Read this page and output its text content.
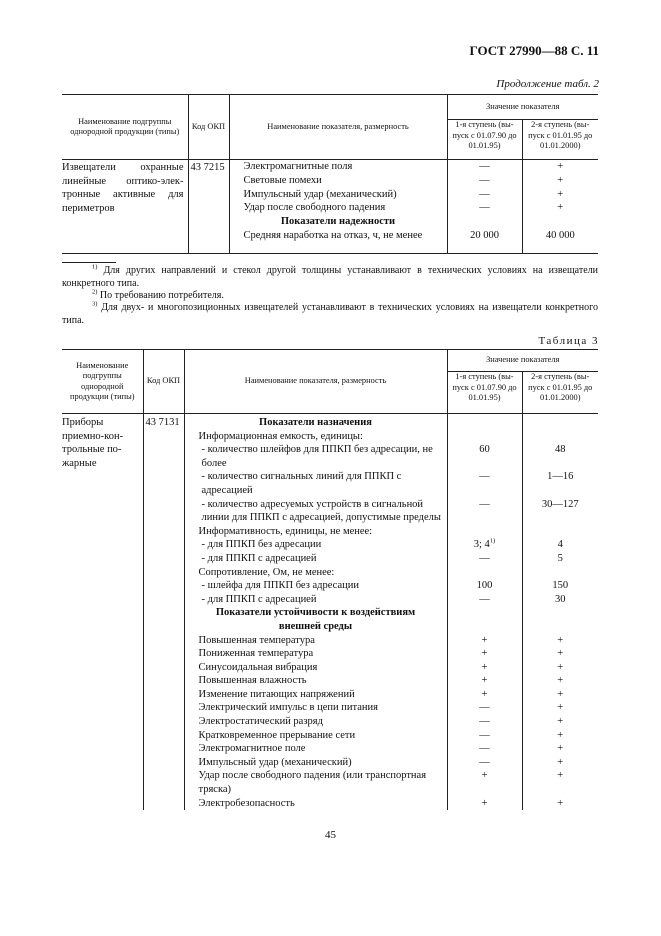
ГОСТ 27990—88 С. 11
Продолжение табл. 2
Наименование подгруппы однородной продукции (типы)	Код ОКП	Наименование показателя, размерность	Значение показателя	
			1-я ступень (вы-пуск с 01.07.90 до 01.01.95)	2-я ступень (вы-пуск с 01.01.95 до 01.01.2000)
Извещатели охранные линейные оптико-элек-тронные активные для периметров	43 7215	Электромагнитные поля	—	+
		Световые помехи	—	+
		Импульсный удар (механический)	—	+
		Удар после свободного падения	—	+
		Показатели надежности		
		Средняя наработка на отказ, ч, не менее	20 000	40 000
$^{1)}$ Для других направлений и стекол другой толщины устанавливают в технических условиях на извещатели конкретного типа.
$^{2)}$ По требованию потребителя.
$^{3)}$ Для двух- и многопозиционных извещателей устанавливают в технических условиях на извещатели конкретного типа.
Таблица 3
Наименование подгруппы однородной продукции (типы)	Код ОКП	Наименование показателя, размерность	Значение показателя	
			1-я ступень (вы-пуск с 01.07.90 до 01.01.95)	2-я ступень (вы-пуск с 01.01.95 до 01.01.2000)
Приборы приемно-кон-трольные по-жарные	43 7131	Показатели назначения		
		Информационная емкость, единицы:		
		- количество шлейфов для ППКП без адресации, не более	60	48
		- количество сигнальных линий для ППКП с адресацией	—	1—16
		- количество адресуемых устройств в сигнальной линии для ППКП с адресацией, допустимые пределы	—	30—127
		Информативность, единицы, не менее:		
		- для ППКП без адресации	3; 4$^{1)}$	4
		- для ППКП с адресацией	—	5
		Сопротивление, Ом, не менее:		
		- шлейфа для ППКП без адресации	100	150
		- для ППКП с адресацией	—	30
		Показатели устойчивости к воздействиям внешней среды		
		Повышенная температура	+	+
		Пониженная температура	+	+
		Синусоидальная вибрация	+	+
		Повышенная влажность	+	+
		Изменение питающих напряжений	+	+
		Электрический импульс в цепи питания	—	+
		Электростатический разряд	—	+
		Кратковременное прерывание сети	—	+
		Электромагнитное поле	—	+
		Импульсный удар (механический)	—	+
		Удар после свободного падения (или транспортная тряска)	+	+
		Электробезопасность	+	+
45
